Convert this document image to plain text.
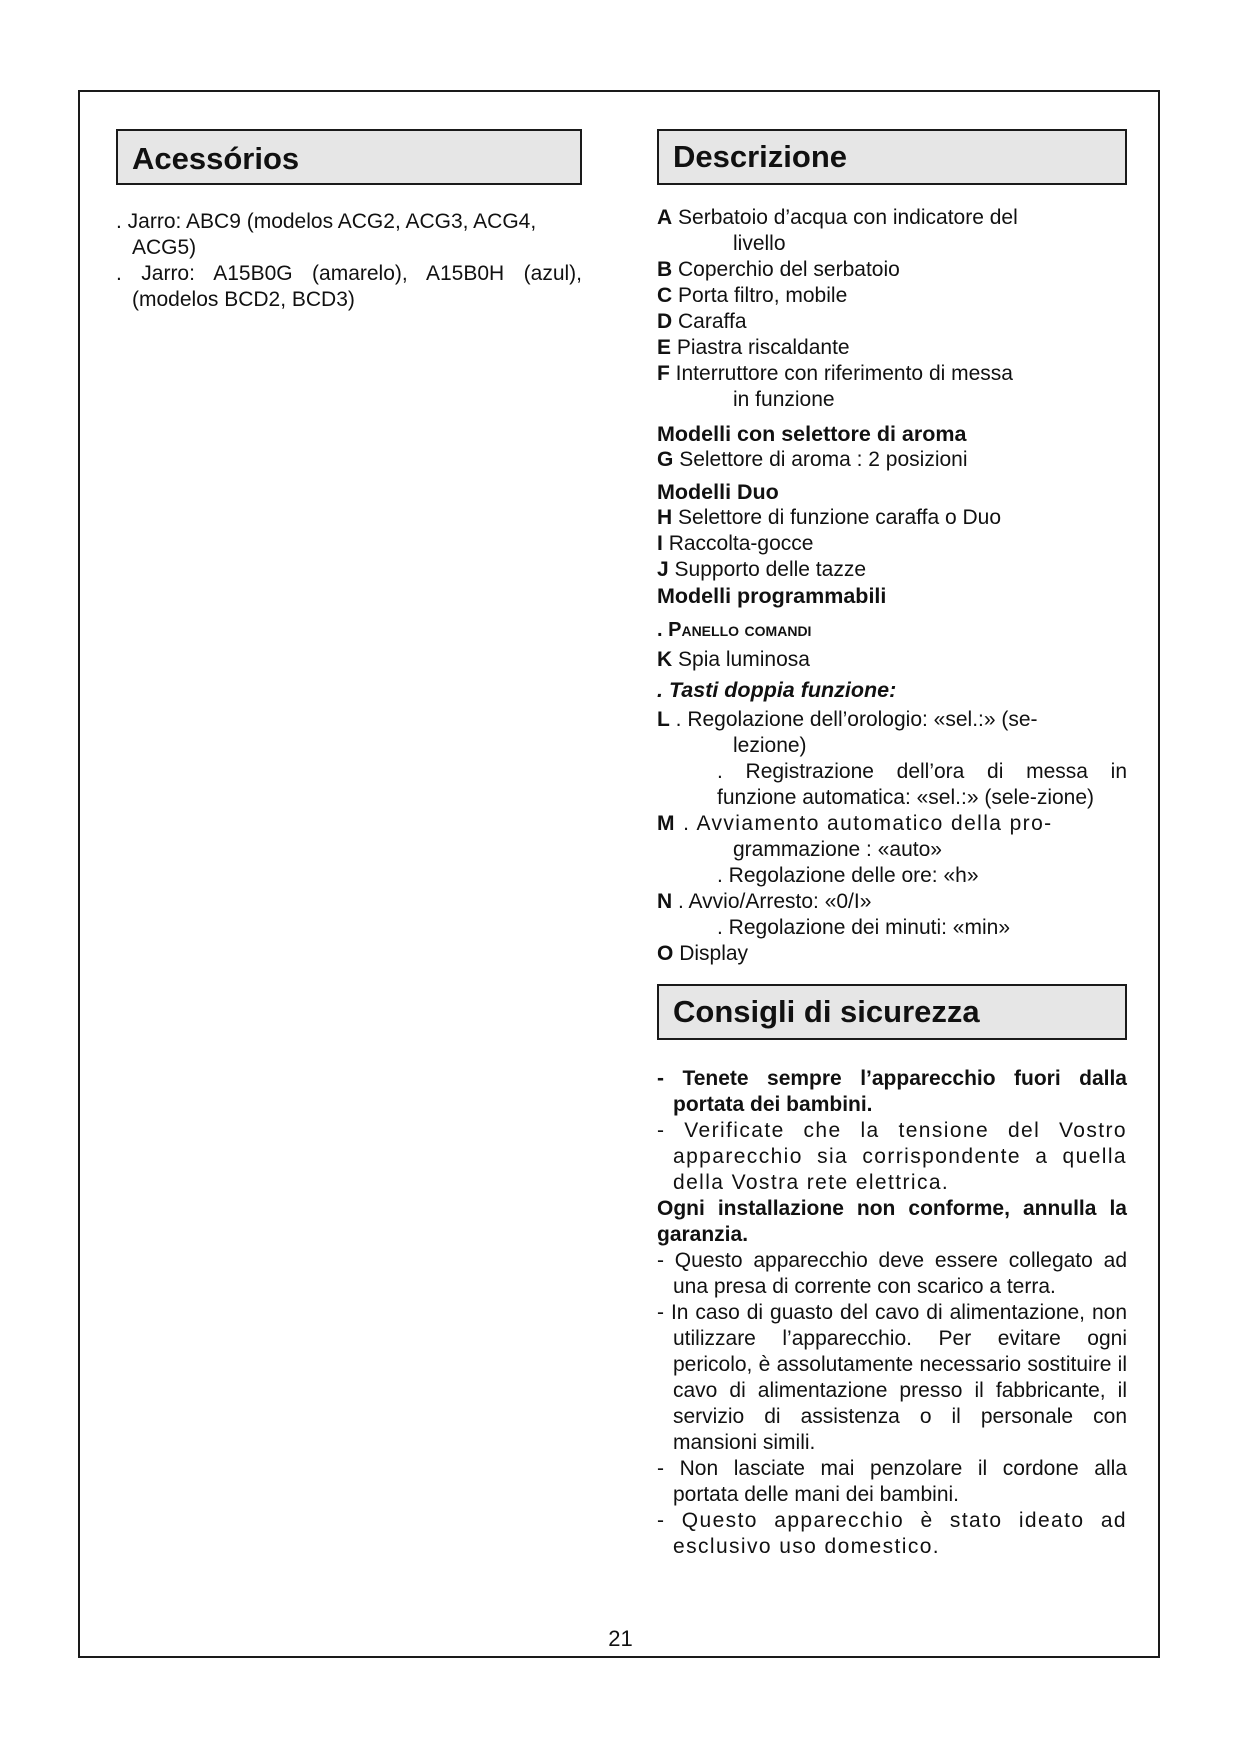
Acessórios
. Jarro: ABC9 (modelos ACG2, ACG3, ACG4, ACG5)
. Jarro: A15B0G (amarelo), A15B0H (azul), (modelos BCD2, BCD3)
Descrizione
A Serbatoio d’acqua con indicatore del
livello
B Coperchio del serbatoio
C Porta filtro, mobile
D Caraffa
E Piastra riscaldante
F Interruttore con riferimento di messa
in funzione
Modelli con selettore di aroma
G Selettore di aroma : 2 posizioni
Modelli Duo
H Selettore di funzione caraffa o Duo
I Raccolta-gocce
J Supporto delle tazze
Modelli programmabili
. Panello comandi
K Spia luminosa
. Tasti doppia funzione:
L . Regolazione dell’orologio: «sel.:» (se-
lezione)
. Registrazione dell’ora di messa in funzione automatica: «sel.:» (sele-zione)
M . Avviamento automatico della pro-
grammazione : «auto»
. Regolazione delle ore: «h»
N . Avvio/Arresto: «0/I»
. Regolazione dei minuti: «min»
O Display
Consigli di sicurezza
- Tenete sempre l’apparecchio fuori dalla portata dei bambini.
- Verificate che la tensione del Vostro apparecchio sia corrispondente a quella della Vostra rete elettrica.
Ogni installazione non conforme, annulla la garanzia.
- Questo apparecchio deve essere collegato ad una presa di corrente con scarico a terra.
- In caso di guasto del cavo di alimentazione, non utilizzare l’apparecchio. Per evitare ogni pericolo, è assolutamente necessario sostituire il cavo di alimentazione presso il fabbricante, il servizio di assistenza o il personale con mansioni simili.
- Non lasciate mai penzolare il cordone alla portata delle mani dei bambini.
- Questo apparecchio è stato ideato ad esclusivo uso domestico.
21
